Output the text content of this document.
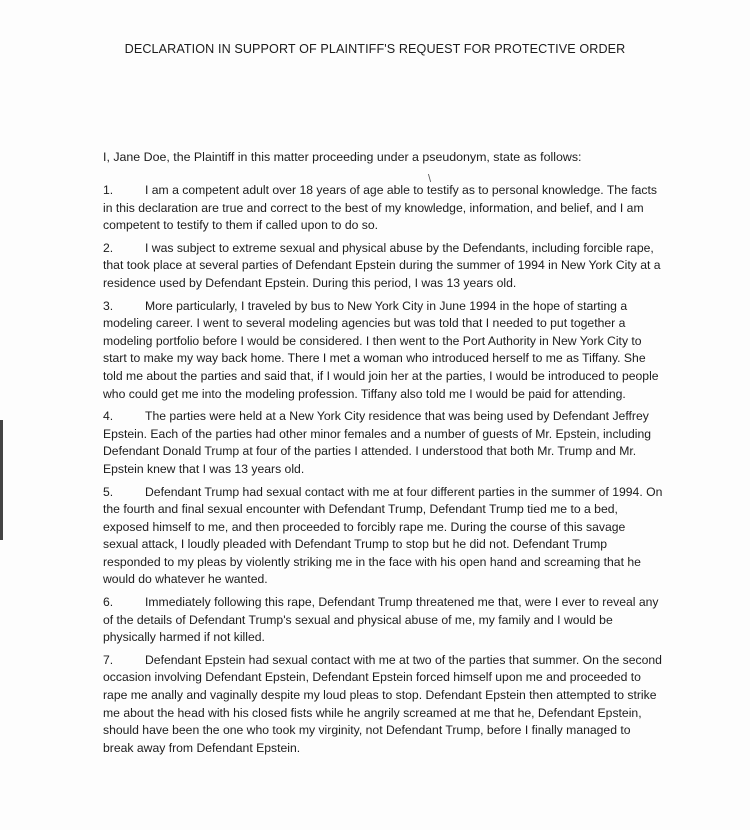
DECLARATION IN SUPPORT OF PLAINTIFF'S REQUEST FOR PROTECTIVE ORDER
I, Jane Doe, the Plaintiff in this matter proceeding under a pseudonym, state as follows:
\

1.	I am a competent adult over 18 years of age able to testify as to personal knowledge. The facts in this declaration are true and correct to the best of my knowledge, information, and belief, and I am competent to testify to them if called upon to do so.

2.	I was subject to extreme sexual and physical abuse by the Defendants, including forcible rape, that took place at several parties of Defendant Epstein during the summer of 1994 in New York City at a residence used by Defendant Epstein. During this period, I was 13 years old.

3.	More particularly, I traveled by bus to New York City in June 1994 in the hope of starting a modeling career. I went to several modeling agencies but was told that I needed to put together a modeling portfolio before I would be considered. I then went to the Port Authority in New York City to start to make my way back home. There I met a woman who introduced herself to me as Tiffany. She told me about the parties and said that, if I would join her at the parties, I would be introduced to people who could get me into the modeling profession. Tiffany also told me I would be paid for attending.

4.	The parties were held at a New York City residence that was being used by Defendant Jeffrey Epstein. Each of the parties had other minor females and a number of guests of Mr. Epstein, including Defendant Donald Trump at four of the parties I attended. I understood that both Mr. Trump and Mr. Epstein knew that I was 13 years old.

5.	Defendant Trump had sexual contact with me at four different parties in the summer of 1994. On the fourth and final sexual encounter with Defendant Trump, Defendant Trump tied me to a bed, exposed himself to me, and then proceeded to forcibly rape me. During the course of this savage sexual attack, I loudly pleaded with Defendant Trump to stop but he did not. Defendant Trump responded to my pleas by violently striking me in the face with his open hand and screaming that he would do whatever he wanted.

6.	Immediately following this rape, Defendant Trump threatened me that, were I ever to reveal any of the details of Defendant Trump's sexual and physical abuse of me, my family and I would be physically harmed if not killed.

7.	Defendant Epstein had sexual contact with me at two of the parties that summer. On the second occasion involving Defendant Epstein, Defendant Epstein forced himself upon me and proceeded to rape me anally and vaginally despite my loud pleas to stop. Defendant Epstein then attempted to strike me about the head with his closed fists while he angrily screamed at me that he, Defendant Epstein, should have been the one who took my virginity, not Defendant Trump, before I finally managed to break away from Defendant Epstein.
